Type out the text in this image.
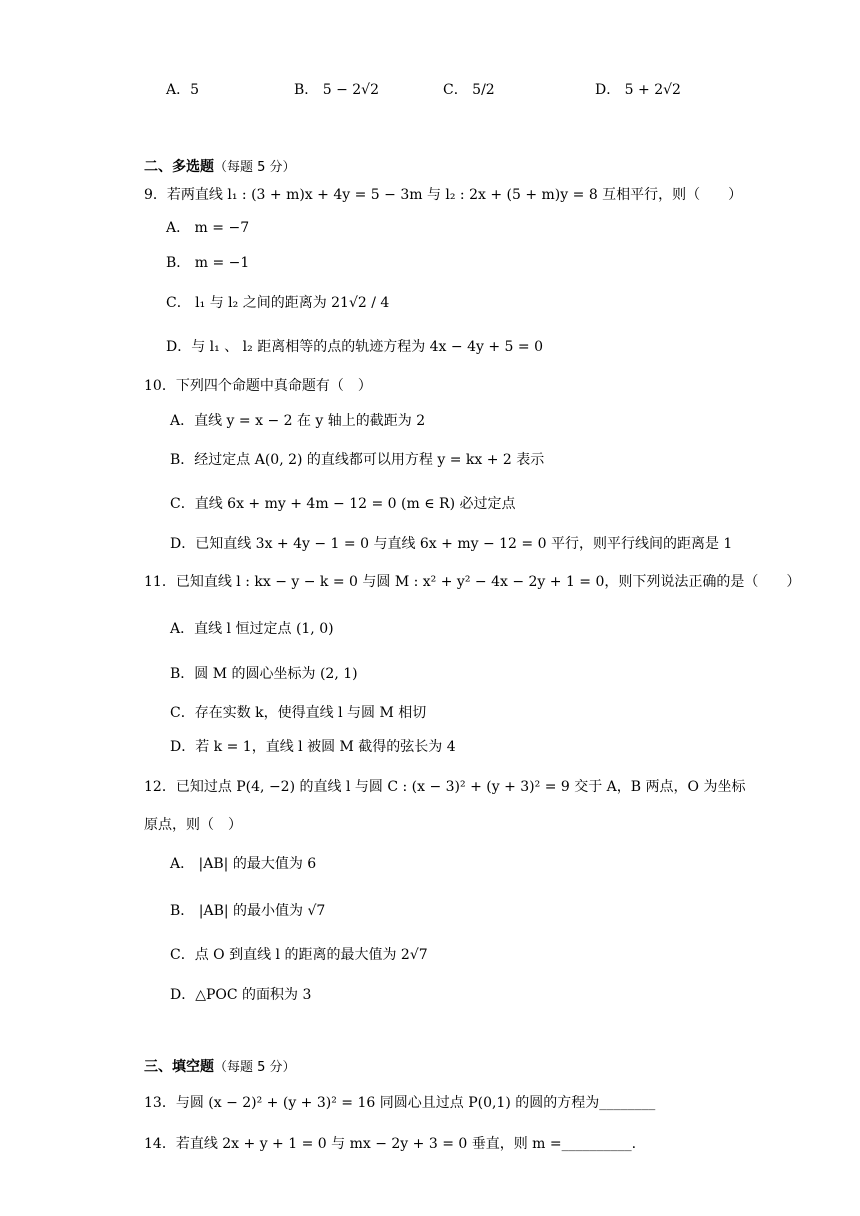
A．5	B． 5 − 2√2	C． 5/2	D． 5 + 2√2
二、多选题（每题 5 分）
9．若两直线 l₁ : (3 + m)x + 4y = 5 − 3m 与 l₂ : 2x + (5 + m)y = 8 互相平行，则（　　）
A． m = −7
B． m = −1
C． l₁ 与 l₂ 之间的距离为 21√2 / 4
D．与 l₁ 、 l₂ 距离相等的点的轨迹方程为 4x − 4y + 5 = 0
10．下列四个命题中真命题有（　）
A．直线 y = x − 2 在 y 轴上的截距为 2
B．经过定点 A(0, 2) 的直线都可以用方程 y = kx + 2 表示
C．直线 6x + my + 4m − 12 = 0 (m ∈ R) 必过定点
D．已知直线 3x + 4y − 1 = 0 与直线 6x + my − 12 = 0 平行，则平行线间的距离是 1
11．已知直线 l : kx − y − k = 0 与圆 M : x² + y² − 4x − 2y + 1 = 0，则下列说法正确的是（　　）
A．直线 l 恒过定点 (1, 0)
B．圆 M 的圆心坐标为 (2, 1)
C．存在实数 k，使得直线 l 与圆 M 相切
D．若 k = 1，直线 l 被圆 M 截得的弦长为 4
12．已知过点 P(4, −2) 的直线 l 与圆 C : (x − 3)² + (y + 3)² = 9 交于 A，B 两点，O 为坐标
原点，则（　）
A． |AB| 的最大值为 6
B． |AB| 的最小值为 √7
C．点 O 到直线 l 的距离的最大值为 2√7
D．△POC 的面积为 3
三、填空题（每题 5 分）
13．与圆 (x − 2)² + (y + 3)² = 16 同圆心且过点 P(0,1) 的圆的方程为________
14．若直线 2x + y + 1 = 0 与 mx − 2y + 3 = 0 垂直，则 m =__________.
